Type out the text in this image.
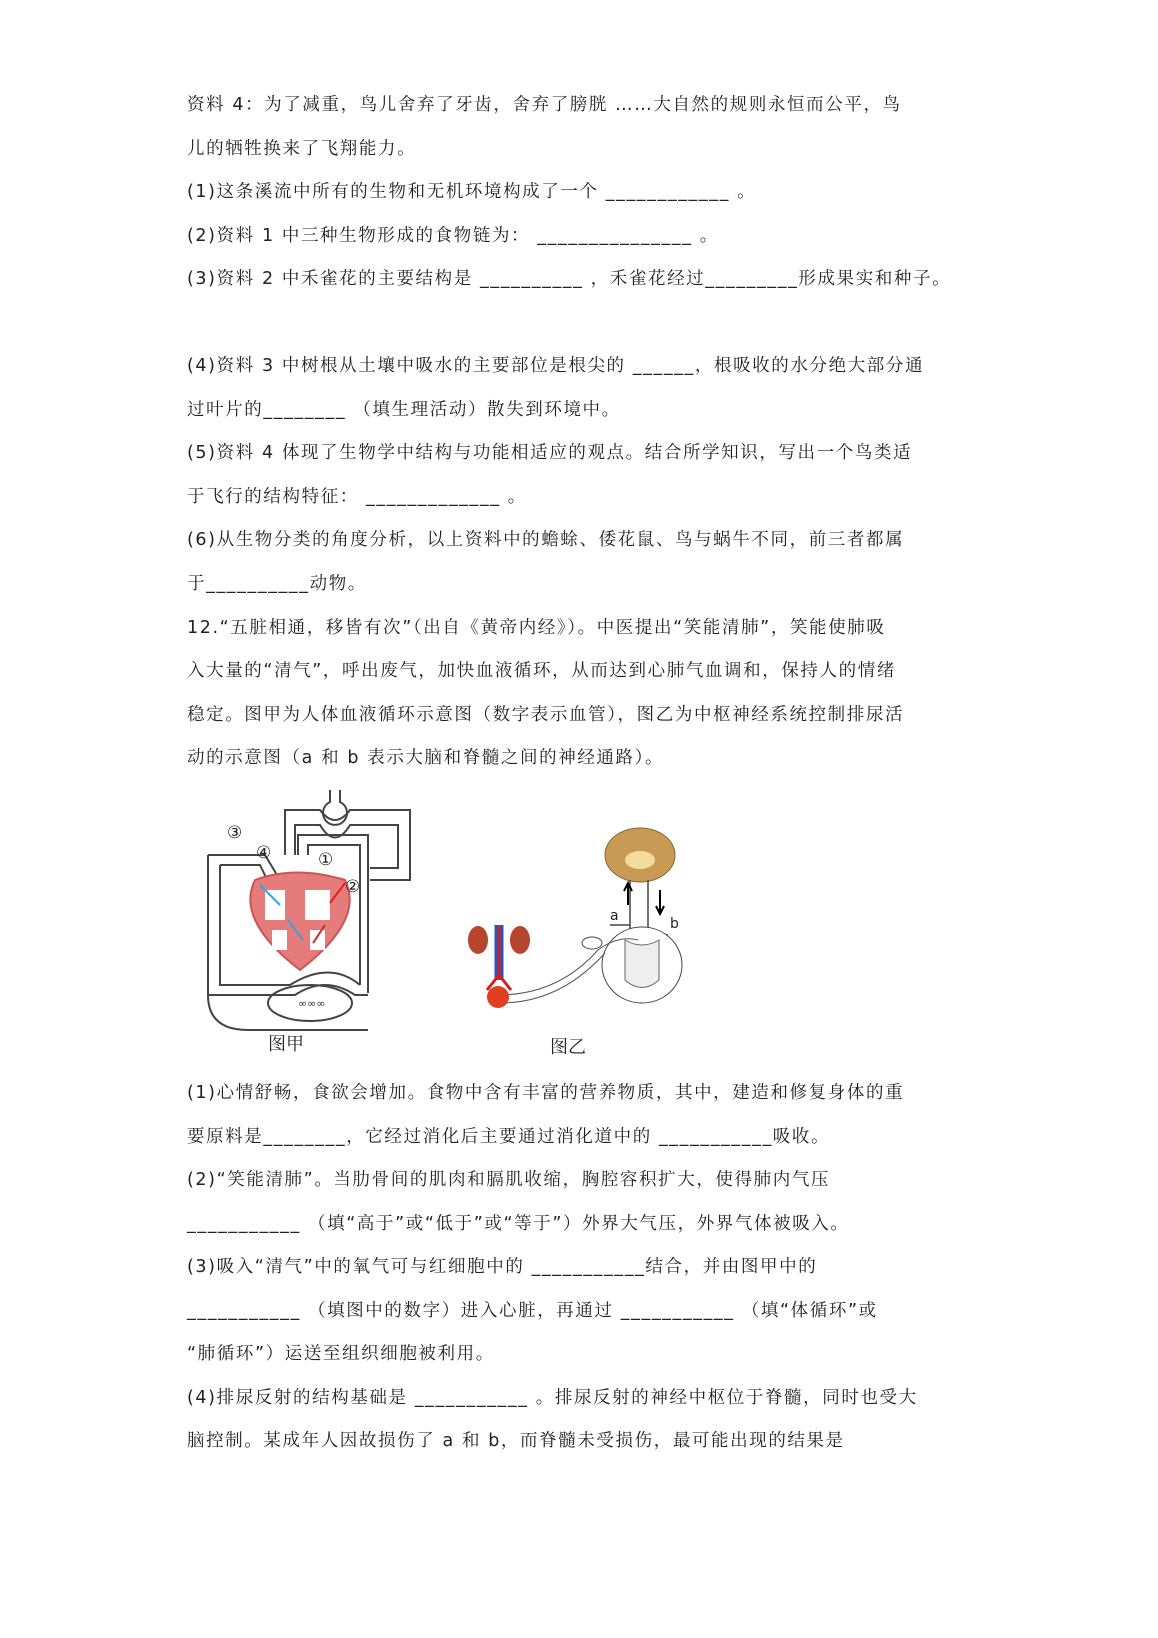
资料 4：为了减重，鸟儿舍弃了牙齿，舍弃了膀胱 ……大自然的规则永恒而公平，鸟
儿的牺牲换来了飞翔能力。
(1)这条溪流中所有的生物和无机环境构成了一个 ____________ 。
(2)资料 1 中三种生物形成的食物链为： _______________ 。
(3)资料 2 中禾雀花的主要结构是 __________ ，禾雀花经过_________形成果实和种子。
(4)资料 3 中树根从土壤中吸水的主要部位是根尖的 ______，根吸收的水分绝大部分通
过叶片的________ （填生理活动）散失到环境中。
(5)资料 4 体现了生物学中结构与功能相适应的观点。结合所学知识，写出一个鸟类适
于飞行的结构特征： _____________ 。
(6)从生物分类的角度分析，以上资料中的蟾蜍、倭花鼠、鸟与蜗牛不同，前三者都属
于__________动物。
12.“五脏相通，移皆有次”（出自《黄帝内经》）。中医提出“笑能清肺”，笑能使肺吸
入大量的“清气”，呼出废气，加快血液循环，从而达到心肺气血调和，保持人的情绪
稳定。图甲为人体血液循环示意图（数字表示血管），图乙为中枢神经系统控制排尿活
动的示意图（a 和 b 表示大脑和脊髓之间的神经通路）。
∞∞∞
③
④	①
②
图甲
a	b
图乙
(1)心情舒畅，食欲会增加。食物中含有丰富的营养物质，其中，建造和修复身体的重
要原料是________，它经过消化后主要通过消化道中的 ___________吸收。
(2)“笑能清肺”。当肋骨间的肌肉和膈肌收缩，胸腔容积扩大，使得肺内气压
___________ （填“高于”或“低于”或“等于”）外界大气压，外界气体被吸入。
(3)吸入“清气”中的氧气可与红细胞中的 ___________结合，并由图甲中的
___________ （填图中的数字）进入心脏，再通过 ___________ （填“体循环”或
“肺循环”）运送至组织细胞被利用。
(4)排尿反射的结构基础是 ___________ 。排尿反射的神经中枢位于脊髓，同时也受大
脑控制。某成年人因故损伤了 a 和 b，而脊髓未受损伤，最可能出现的结果是
